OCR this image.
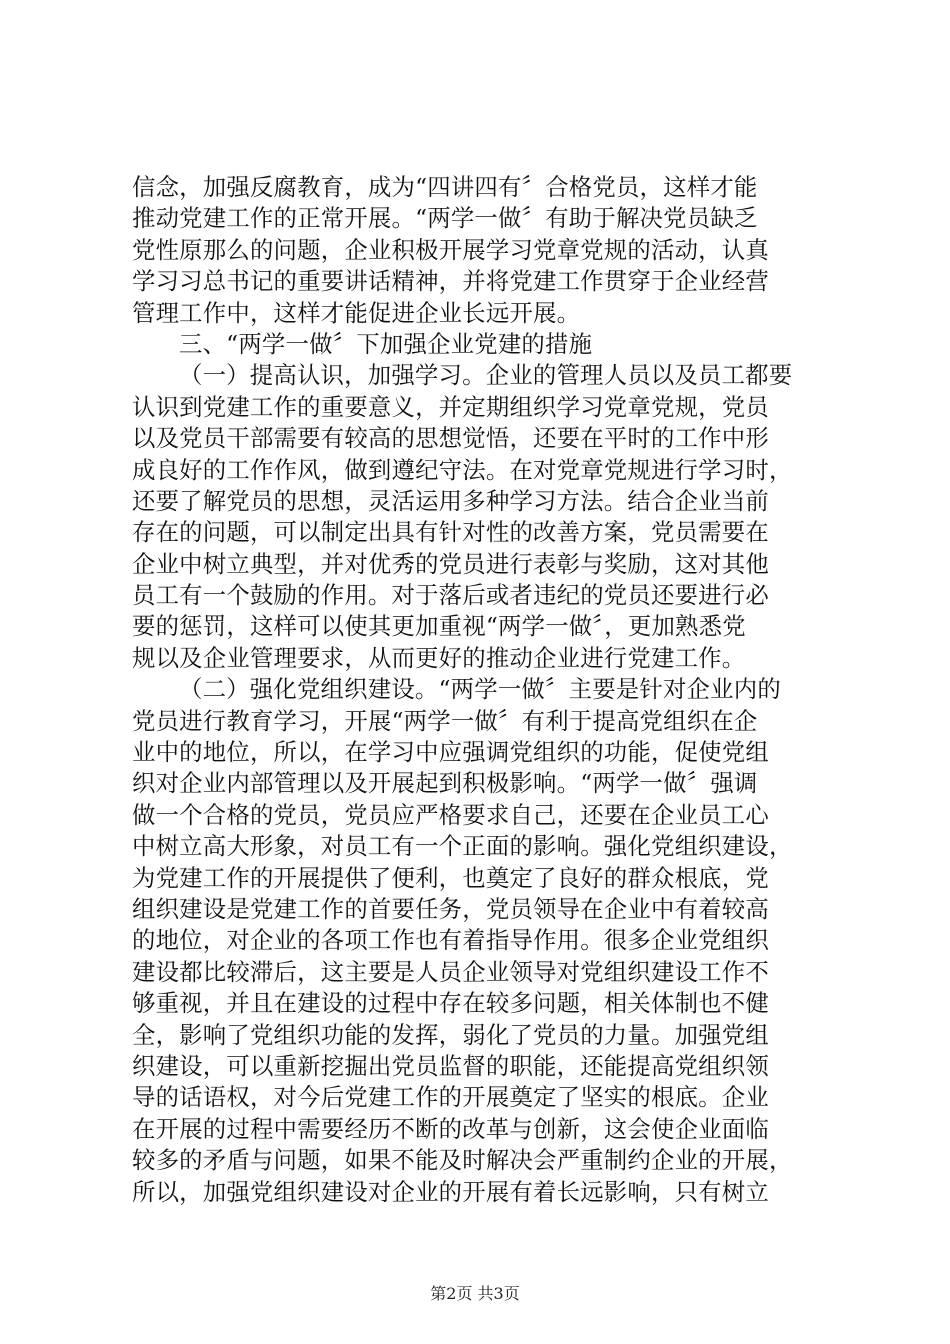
信念，加强反腐教育，成为“四讲四有〞合格党员，这样才能
推动党建工作的正常开展。“两学一做〞有助于解决党员缺乏
党性原那么的问题，企业积极开展学习党章党规的活动，认真
学习习总书记的重要讲话精神，并将党建工作贯穿于企业经营
管理工作中，这样才能促进企业长远开展。
三、“两学一做〞下加强企业党建的措施
（一）提高认识，加强学习。企业的管理人员以及员工都要
认识到党建工作的重要意义，并定期组织学习党章党规，党员
以及党员干部需要有较高的思想觉悟，还要在平时的工作中形
成良好的工作作风，做到遵纪守法。在对党章党规进行学习时，
还要了解党员的思想，灵活运用多种学习方法。结合企业当前
存在的问题，可以制定出具有针对性的改善方案，党员需要在
企业中树立典型，并对优秀的党员进行表彰与奖励，这对其他
员工有一个鼓励的作用。对于落后或者违纪的党员还要进行必
要的惩罚，这样可以使其更加重视“两学一做〞，更加熟悉党
规以及企业管理要求，从而更好的推动企业进行党建工作。
（二）强化党组织建设。“两学一做〞主要是针对企业内的
党员进行教育学习，开展“两学一做〞有利于提高党组织在企
业中的地位，所以，在学习中应强调党组织的功能，促使党组
织对企业内部管理以及开展起到积极影响。“两学一做〞强调
做一个合格的党员，党员应严格要求自己，还要在企业员工心
中树立高大形象，对员工有一个正面的影响。强化党组织建设，
为党建工作的开展提供了便利，也奠定了良好的群众根底，党
组织建设是党建工作的首要任务，党员领导在企业中有着较高
的地位，对企业的各项工作也有着指导作用。很多企业党组织
建设都比较滞后，这主要是人员企业领导对党组织建设工作不
够重视，并且在建设的过程中存在较多问题，相关体制也不健
全，影响了党组织功能的发挥，弱化了党员的力量。加强党组
织建设，可以重新挖掘出党员监督的职能，还能提高党组织领
导的话语权，对今后党建工作的开展奠定了坚实的根底。企业
在开展的过程中需要经历不断的改革与创新，这会使企业面临
较多的矛盾与问题，如果不能及时解决会严重制约企业的开展，
所以，加强党组织建设对企业的开展有着长远影响，只有树立
第2页 共3页
